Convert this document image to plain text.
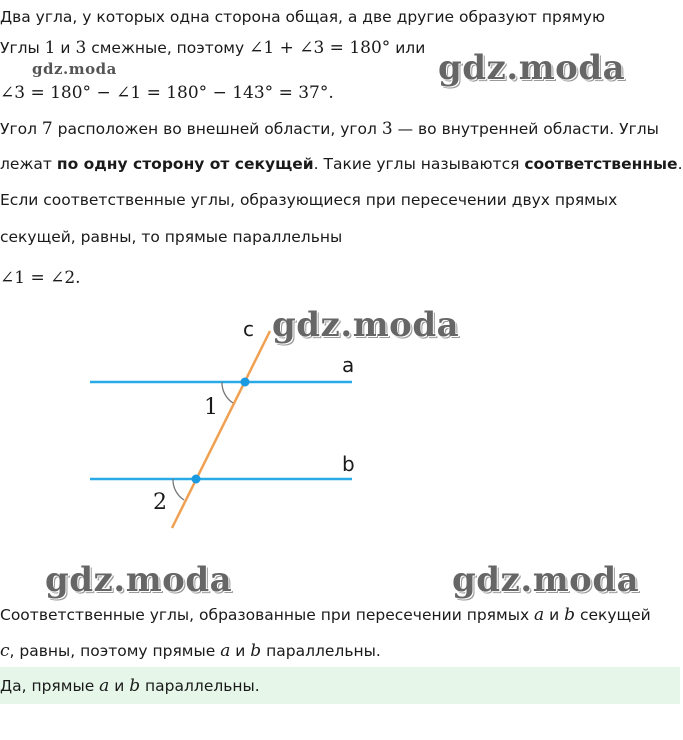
Два угла, у которых одна сторона общая, а две другие образуют прямую
Углы 1 и 3 смежные, поэтому ∠1 + ∠3 = 180° или
gdz.moda	gdz.moda
∠3 = 180° − ∠1 = 180° − 143° = 37°.
Угол 7 расположен во внешней области, угол 3 — во внутренней области. Углы
лежат по одну сторону от секущей. Такие углы называются соответственные.
Если соответственные углы, образующиеся при пересечении двух прямых
секущей, равны, то прямые параллельны
∠1 = ∠2.
c
a
b
1
2
gdz.moda
gdz.moda	gdz.moda
Соответственные углы, образованные при пересечении прямых a и b секущей
c, равны, поэтому прямые a и b параллельны.
Да, прямые a и b параллельны.
